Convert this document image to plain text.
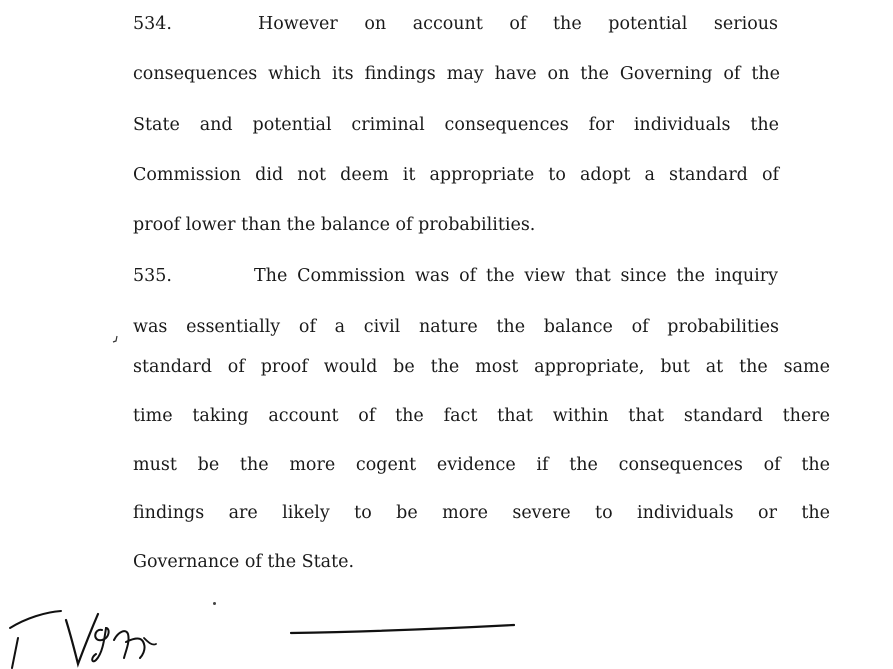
534.	However on account of the potential serious
consequences which its findings may have on the Governing of the
State and potential criminal consequences for individuals the
Commission did not deem it appropriate to adopt a standard of
proof lower than the balance of probabilities.
535.	The Commission was of the view that since the inquiry
was essentially of a civil nature the balance of probabilities
standard of proof would be the most appropriate, but at the same
time taking account of the fact that within that standard there
must be the more cogent evidence if the consequences of the
findings are likely to be more severe to individuals or the
Governance of the State.
